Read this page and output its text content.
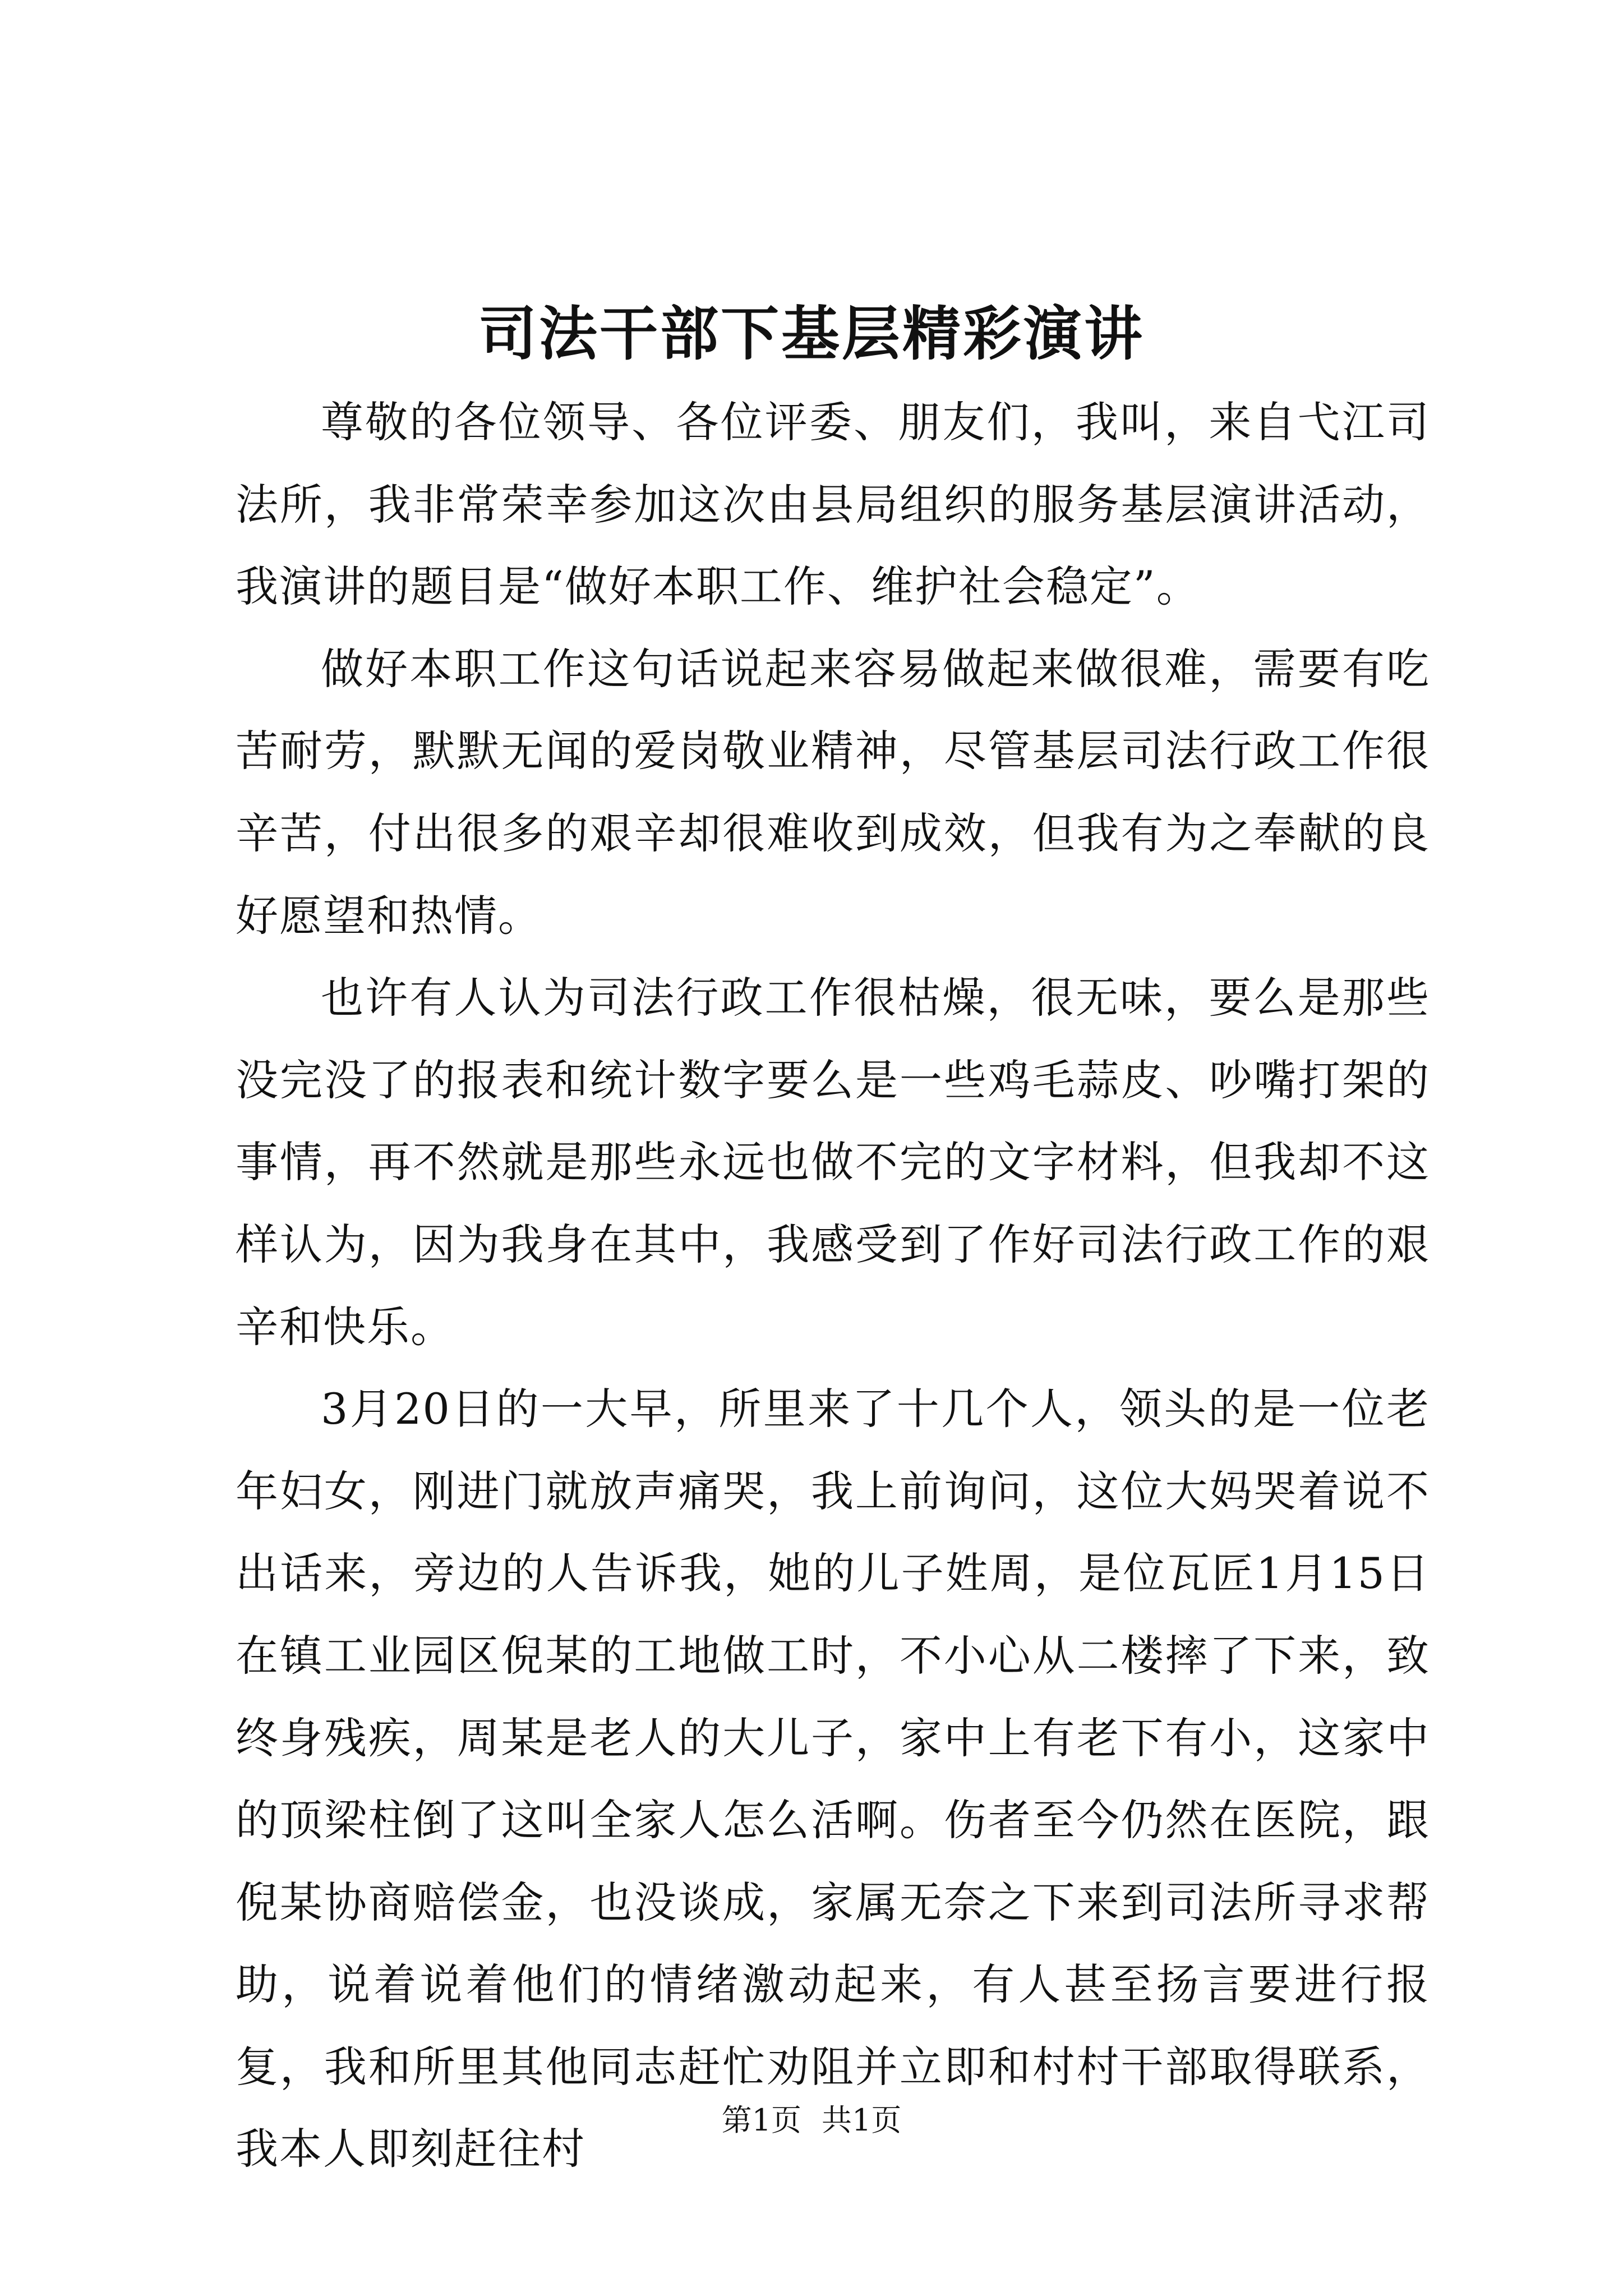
司法干部下基层精彩演讲

尊敬的各位领导、各位评委、朋友们，我叫，来自弋江司法所，我非常荣幸参加这次由县局组织的服务基层演讲活动，我演讲的题目是“做好本职工作、维护社会稳定”。

做好本职工作这句话说起来容易做起来做很难，需要有吃苦耐劳，默默无闻的爱岗敬业精神，尽管基层司法行政工作很辛苦，付出很多的艰辛却很难收到成效，但我有为之奉献的良好愿望和热情。

也许有人认为司法行政工作很枯燥，很无味，要么是那些没完没了的报表和统计数字要么是一些鸡毛蒜皮、吵嘴打架的事情，再不然就是那些永远也做不完的文字材料，但我却不这样认为，因为我身在其中，我感受到了作好司法行政工作的艰辛和快乐。

3月20日的一大早，所里来了十几个人，领头的是一位老年妇女，刚进门就放声痛哭，我上前询问，这位大妈哭着说不出话来，旁边的人告诉我，她的儿子姓周，是位瓦匠1月15日在镇工业园区倪某的工地做工时，不小心从二楼摔了下来，致终身残疾，周某是老人的大儿子，家中上有老下有小，这家中的顶梁柱倒了这叫全家人怎么活啊。伤者至今仍然在医院，跟倪某协商赔偿金，也没谈成，家属无奈之下来到司法所寻求帮助，说着说着他们的情绪激动起来，有人甚至扬言要进行报复，我和所里其他同志赶忙劝阻并立即和村村干部取得联系，我本人即刻赶往村

第1页 共1页
